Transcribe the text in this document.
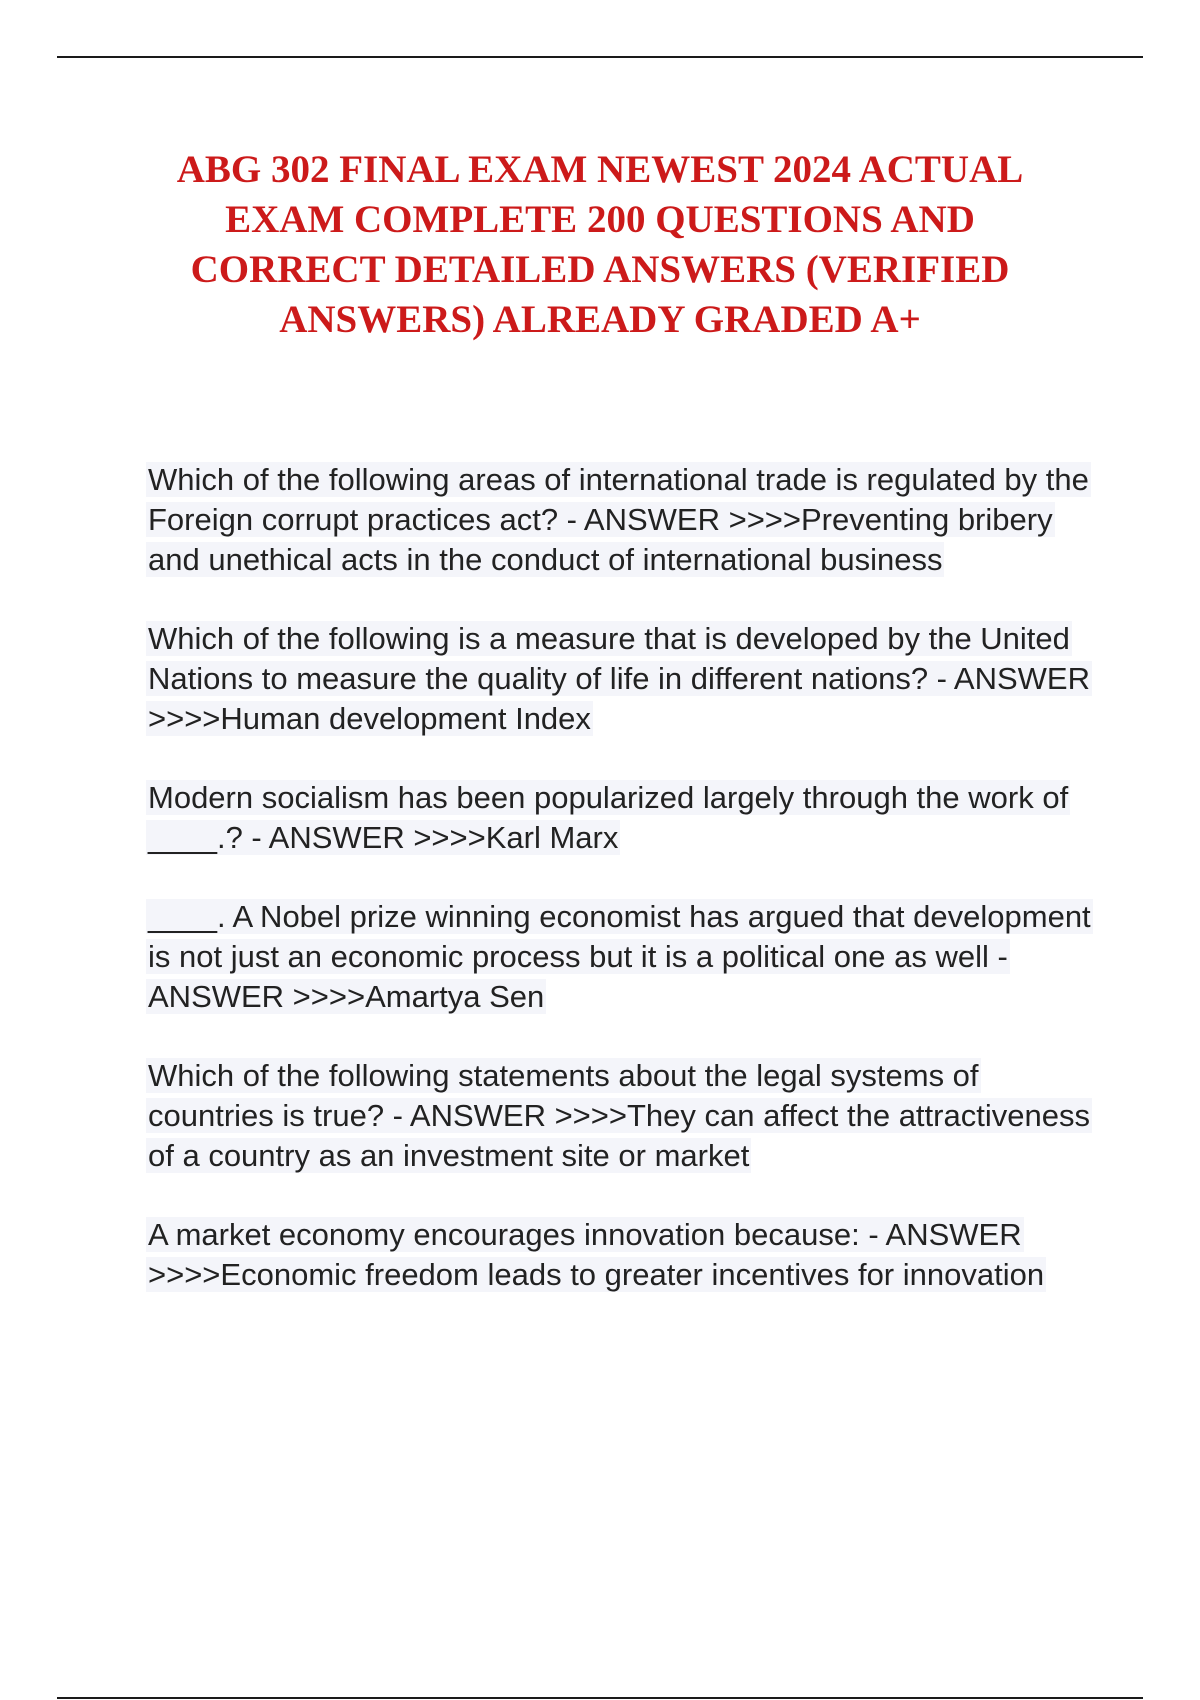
ABG 302 FINAL EXAM NEWEST 2024 ACTUAL EXAM COMPLETE 200 QUESTIONS AND CORRECT DETAILED ANSWERS (VERIFIED ANSWERS) ALREADY GRADED A+
Which of the following areas of international trade is regulated by the Foreign corrupt practices act? - ANSWER >>>>Preventing bribery and unethical acts in the conduct of international business
Which of the following is a measure that is developed by the United Nations to measure the quality of life in different nations? - ANSWER >>>>Human development Index
Modern socialism has been popularized largely through the work of ____.? - ANSWER >>>>Karl Marx
____. A Nobel prize winning economist has argued that development is not just an economic process but it is a political one as well - ANSWER >>>>Amartya Sen
Which of the following statements about the legal systems of countries is true? - ANSWER >>>>They can affect the attractiveness of a country as an investment site or market
A market economy encourages innovation because: - ANSWER >>>>Economic freedom leads to greater incentives for innovation
